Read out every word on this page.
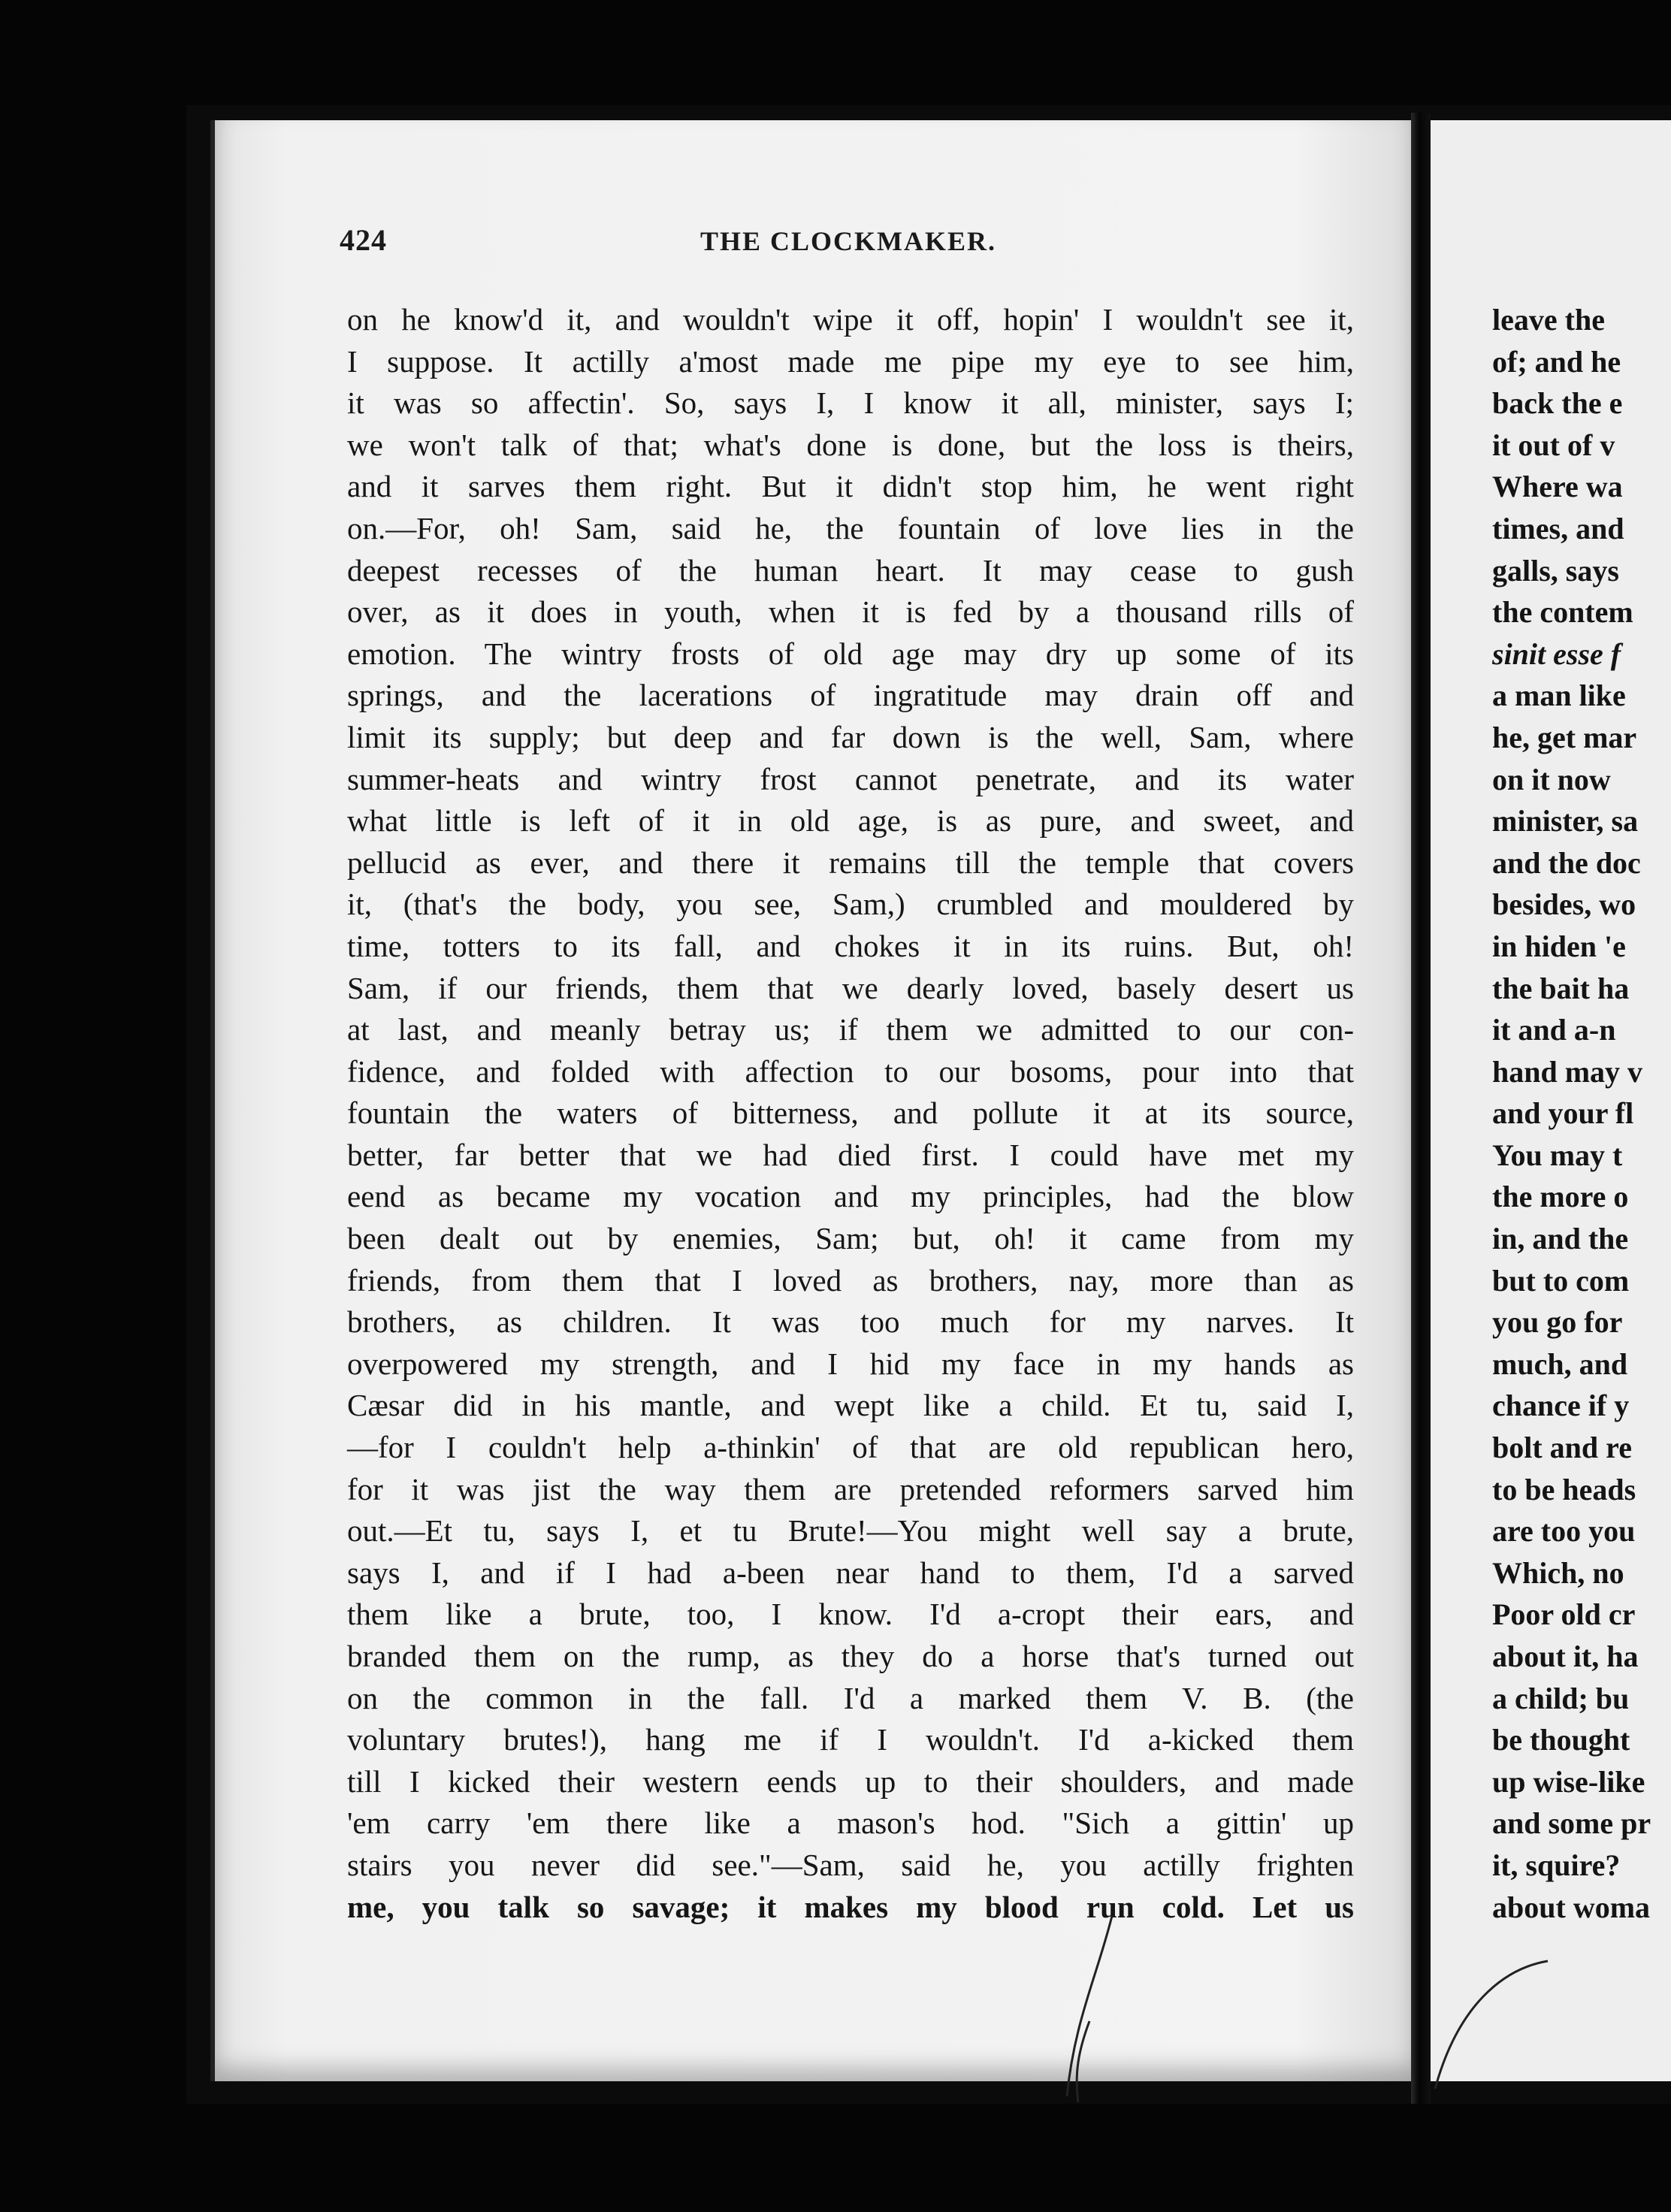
424	THE CLOCKMAKER.
on he know'd it, and wouldn't wipe it off, hopin' I wouldn't see it,
I suppose. It actilly a'most made me pipe my eye to see him,
it was so affectin'. So, says I, I know it all, minister, says I;
we won't talk of that; what's done is done, but the loss is theirs,
and it sarves them right. But it didn't stop him, he went right
on.—For, oh! Sam, said he, the fountain of love lies in the
deepest recesses of the human heart. It may cease to gush
over, as it does in youth, when it is fed by a thousand rills of
emotion. The wintry frosts of old age may dry up some of its
springs, and the lacerations of ingratitude may drain off and
limit its supply; but deep and far down is the well, Sam, where
summer-heats and wintry frost cannot penetrate, and its water
what little is left of it in old age, is as pure, and sweet, and
pellucid as ever, and there it remains till the temple that covers
it, (that's the body, you see, Sam,) crumbled and mouldered by
time, totters to its fall, and chokes it in its ruins. But, oh!
Sam, if our friends, them that we dearly loved, basely desert us
at last, and meanly betray us; if them we admitted to our con-
fidence, and folded with affection to our bosoms, pour into that
fountain the waters of bitterness, and pollute it at its source,
better, far better that we had died first. I could have met my
eend as became my vocation and my principles, had the blow
been dealt out by enemies, Sam; but, oh! it came from my
friends, from them that I loved as brothers, nay, more than as
brothers, as children. It was too much for my narves. It
overpowered my strength, and I hid my face in my hands as
Cæsar did in his mantle, and wept like a child. Et tu, said I,
—for I couldn't help a-thinkin' of that are old republican hero,
for it was jist the way them are pretended reformers sarved him
out.—Et tu, says I, et tu Brute!—You might well say a brute,
says I, and if I had a-been near hand to them, I'd a sarved
them like a brute, too, I know. I'd a-cropt their ears, and
branded them on the rump, as they do a horse that's turned out
on the common in the fall. I'd a marked them V. B. (the
voluntary brutes!), hang me if I wouldn't. I'd a-kicked them
till I kicked their western eends up to their shoulders, and made
'em carry 'em there like a mason's hod. "Sich a gittin' up
stairs you never did see."—Sam, said he, you actilly frighten
me, you talk so savage; it makes my blood run cold. Let us
leave the
of; and he
back the e
it out of v
Where wa
times, and
galls, says
the contem
sinit esse f
a man like
he, get mar
on it now
minister, sa
and the doc
besides, wo
in hiden 'e
the bait ha
it and a-n
hand may v
and your fl
You may t
the more o
in, and the
but to com
you go for
much, and
chance if y
bolt and re
to be heads
are too you
Which, no
Poor old cr
about it, ha
a child; bu
be thought
up wise-like
and some pr
it, squire?
about woma
